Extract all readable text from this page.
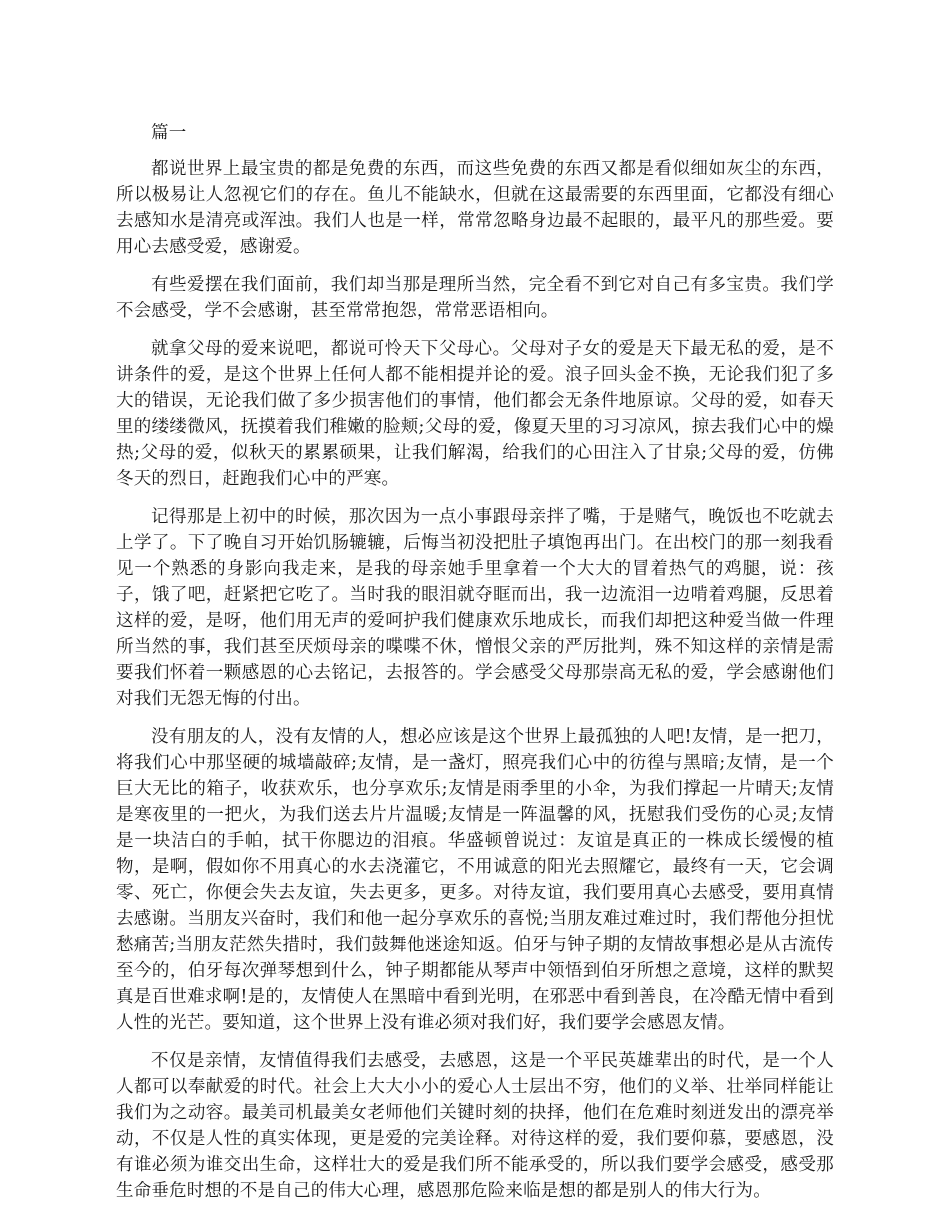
篇一

都说世界上最宝贵的都是免费的东西，而这些免费的东西又都是看似细如灰尘的东西，所以极易让人忽视它们的存在。鱼儿不能缺水，但就在这最需要的东西里面，它都没有细心去感知水是清亮或浑浊。我们人也是一样，常常忽略身边最不起眼的，最平凡的那些爱。要用心去感受爱，感谢爱。

有些爱摆在我们面前，我们却当那是理所当然，完全看不到它对自己有多宝贵。我们学不会感受，学不会感谢，甚至常常抱怨，常常恶语相向。

就拿父母的爱来说吧，都说可怜天下父母心。父母对子女的爱是天下最无私的爱，是不讲条件的爱，是这个世界上任何人都不能相提并论的爱。浪子回头金不换，无论我们犯了多大的错误，无论我们做了多少损害他们的事情，他们都会无条件地原谅。父母的爱，如春天里的缕缕微风，抚摸着我们稚嫩的脸颊;父母的爱，像夏天里的习习凉风，掠去我们心中的燥热;父母的爱，似秋天的累累硕果，让我们解渴，给我们的心田注入了甘泉;父母的爱，仿佛冬天的烈日，赶跑我们心中的严寒。

记得那是上初中的时候，那次因为一点小事跟母亲拌了嘴，于是赌气，晚饭也不吃就去上学了。下了晚自习开始饥肠辘辘，后悔当初没把肚子填饱再出门。在出校门的那一刻我看见一个熟悉的身影向我走来，是我的母亲她手里拿着一个大大的冒着热气的鸡腿，说：孩子，饿了吧，赶紧把它吃了。当时我的眼泪就夺眶而出，我一边流泪一边啃着鸡腿，反思着这样的爱，是呀，他们用无声的爱呵护我们健康欢乐地成长，而我们却把这种爱当做一件理所当然的事，我们甚至厌烦母亲的喋喋不休，憎恨父亲的严厉批判，殊不知这样的亲情是需要我们怀着一颗感恩的心去铭记，去报答的。学会感受父母那崇高无私的爱，学会感谢他们对我们无怨无悔的付出。

没有朋友的人，没有友情的人，想必应该是这个世界上最孤独的人吧!友情，是一把刀，将我们心中那坚硬的城墙敲碎;友情，是一盏灯，照亮我们心中的彷徨与黑暗;友情，是一个巨大无比的箱子，收获欢乐，也分享欢乐;友情是雨季里的小伞，为我们撑起一片晴天;友情是寒夜里的一把火，为我们送去片片温暖;友情是一阵温馨的风，抚慰我们受伤的心灵;友情是一块洁白的手帕，拭干你腮边的泪痕。华盛顿曾说过：友谊是真正的一株成长缓慢的植物，是啊，假如你不用真心的水去浇灌它，不用诚意的阳光去照耀它，最终有一天，它会调零、死亡，你便会失去友谊，失去更多，更多。对待友谊，我们要用真心去感受，要用真情去感谢。当朋友兴奋时，我们和他一起分享欢乐的喜悦;当朋友难过难过时，我们帮他分担忧愁痛苦;当朋友茫然失措时，我们鼓舞他迷途知返。伯牙与钟子期的友情故事想必是从古流传至今的，伯牙每次弹琴想到什么，钟子期都能从琴声中领悟到伯牙所想之意境，这样的默契真是百世难求啊!是的，友情使人在黑暗中看到光明，在邪恶中看到善良，在冷酷无情中看到人性的光芒。要知道，这个世界上没有谁必须对我们好，我们要学会感恩友情。

不仅是亲情，友情值得我们去感受，去感恩，这是一个平民英雄辈出的时代，是一个人人都可以奉献爱的时代。社会上大大小小的爱心人士层出不穷，他们的义举、壮举同样能让我们为之动容。最美司机最美女老师他们关键时刻的抉择，他们在危难时刻迸发出的漂亮举动，不仅是人性的真实体现，更是爱的完美诠释。对待这样的爱，我们要仰慕，要感恩，没有谁必须为谁交出生命，这样壮大的爱是我们所不能承受的，所以我们要学会感受，感受那生命垂危时想的不是自己的伟大心理，感恩那危险来临是想的都是别人的伟大行为。
